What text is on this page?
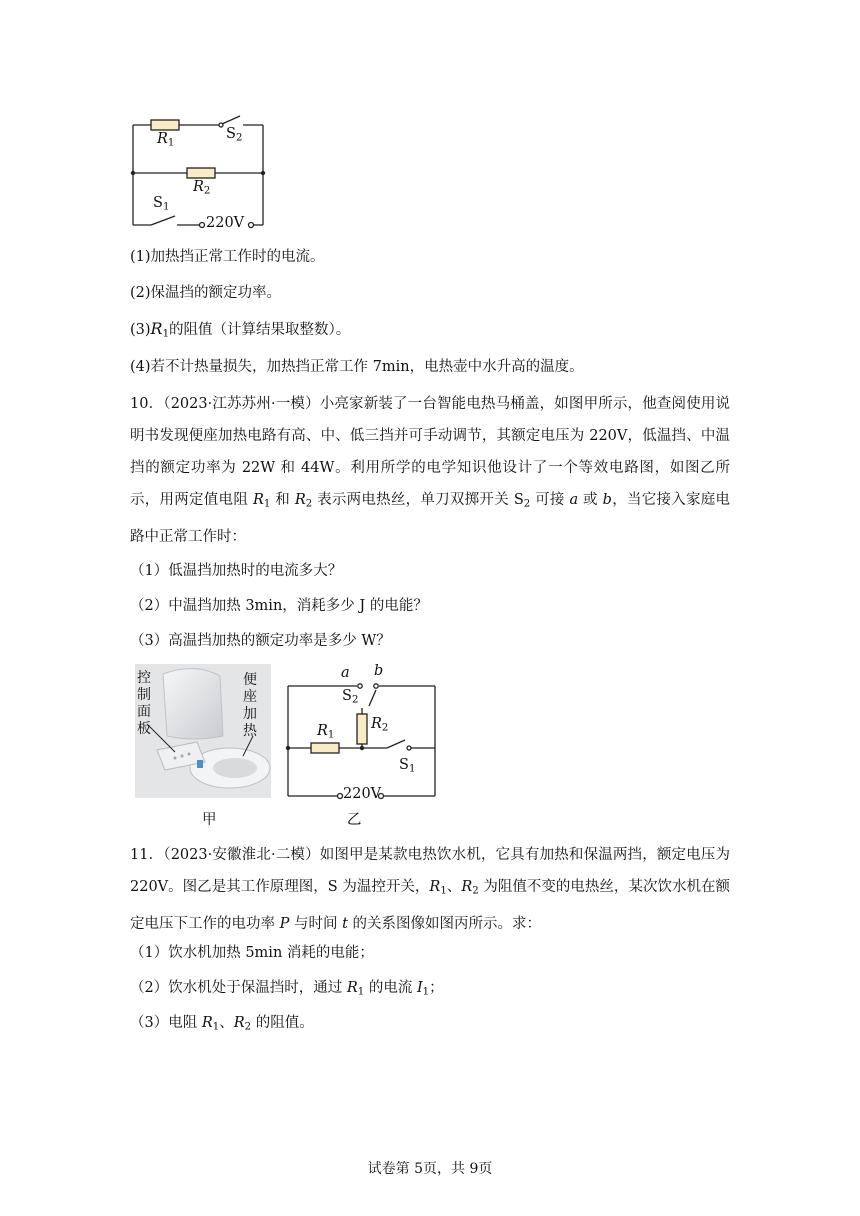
$R_1$
$S_2$
$R_2$
$S_1$
220V
(1)加热挡正常工作时的电流。
(2)保温挡的额定功率。
$(3)R_1$的阻值（计算结果取整数）。
(4)若不计热量损失，加热挡正常工作 7min，电热壶中水升高的温度。
10．（2023·江苏苏州·一模）小亮家新装了一台智能电热马桶盖，如图甲所示，他查阅使用说明书发现便座加热电路有高、中、低三挡并可手动调节，其额定电压为 220V，低温挡、中温挡的额定功率为 22W 和 44W。利用所学的电学知识他设计了一个等效电路图，如图乙所示，用两定值电阻 $R_1$ 和 $R_2$ 表示两电热丝，单刀双掷开关 $S_2$ 可接 a 或 b，当它接入家庭电路中正常工作时：
（1）低温挡加热时的电流多大？
（2）中温挡加热 3min，消耗多少 J 的电能？
（3）高温挡加热的额定功率是多少 W？
控
制
面
板
便
座
加
热
甲
a b
$S_2$
$R_2$
$R_1$
$S_1$
220V
乙
11．（2023·安徽淮北·二模）如图甲是某款电热饮水机，它具有加热和保温两挡，额定电压为 220V。图乙是其工作原理图，S 为温控开关，$R_1$、$R_2$ 为阻值不变的电热丝，某次饮水机在额定电压下工作的电功率 P 与时间 t 的关系图像如图丙所示。求：
（1）饮水机加热 5min 消耗的电能；
（2）饮水机处于保温挡时，通过 $R_1$ 的电流 $I_1$；
（3）电阻 $R_1$、$R_2$ 的阻值。
试卷第 5页，共 9页
